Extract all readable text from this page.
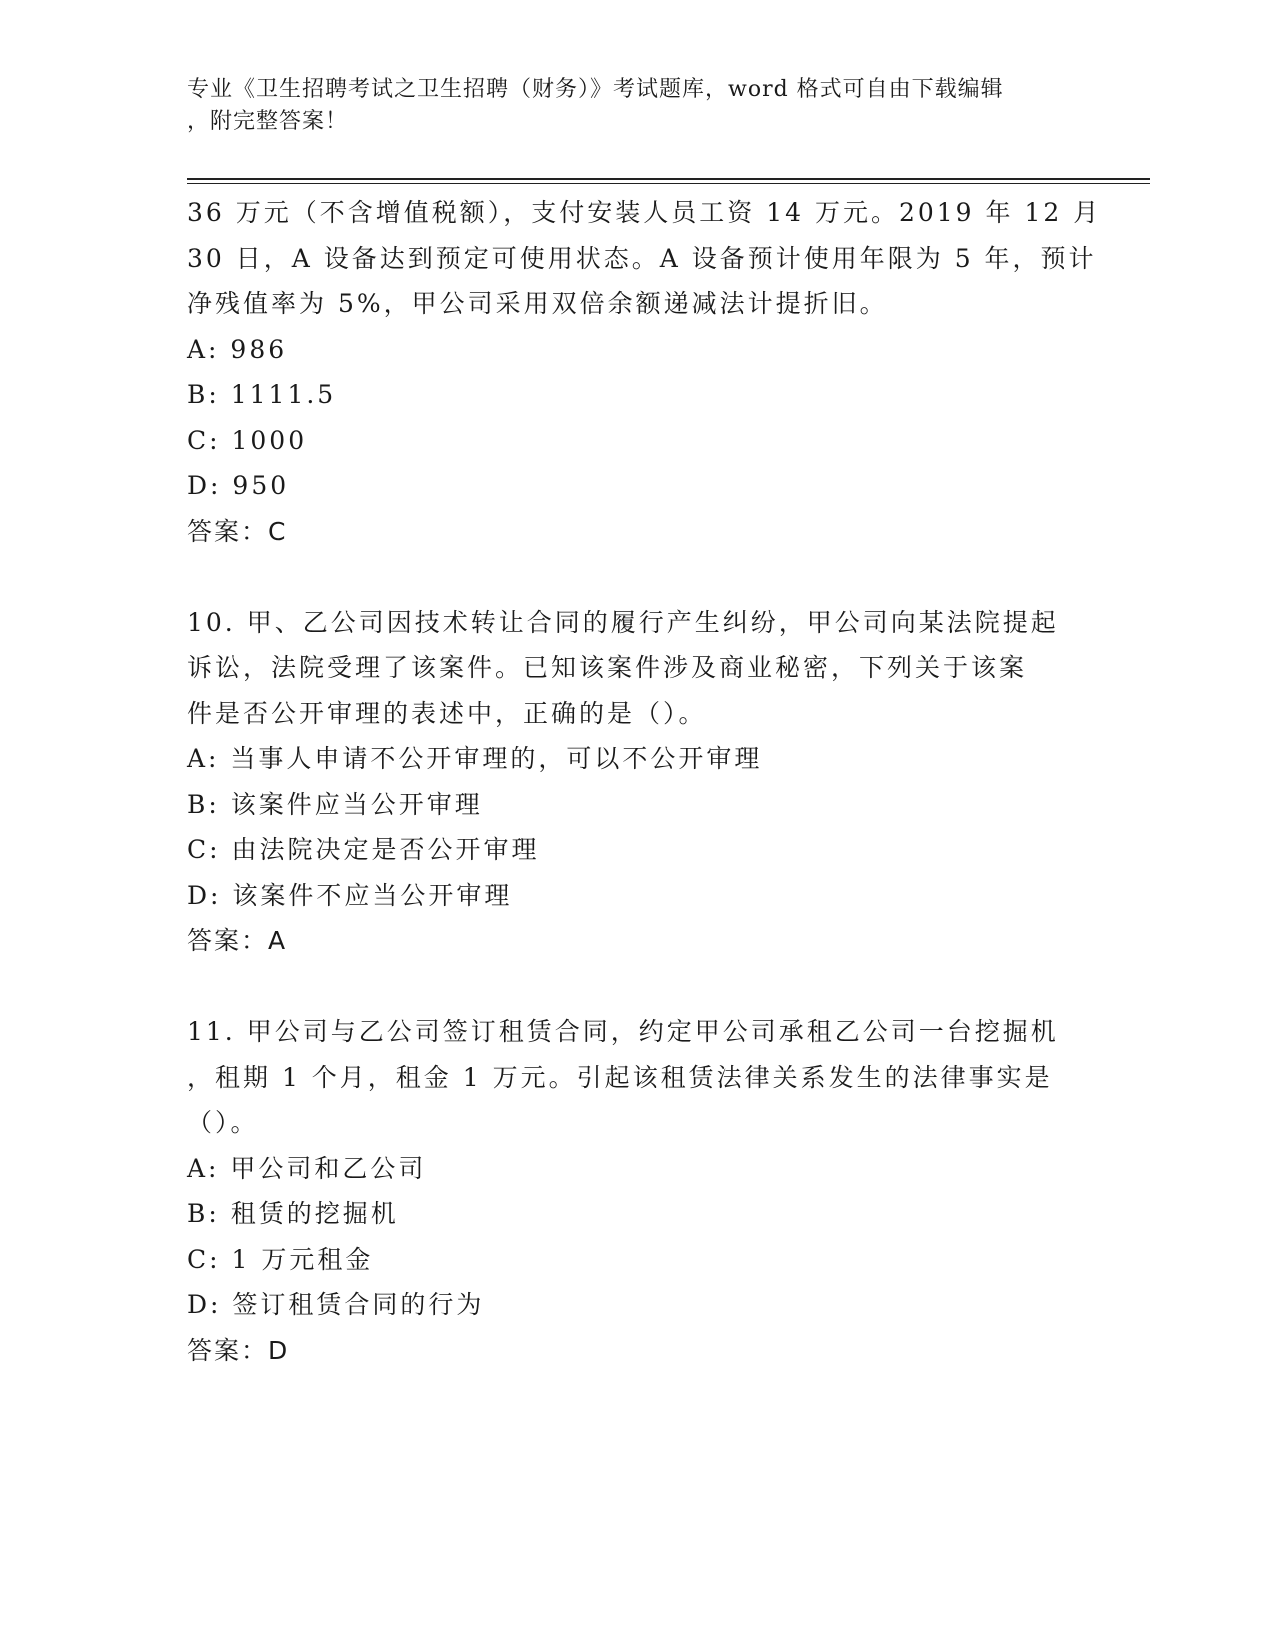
专业《卫生招聘考试之卫生招聘（财务）》考试题库，word 格式可自由下载编辑
，附完整答案！
36 万元（不含增值税额），支付安装人员工资 14 万元。2019 年 12 月
30 日，A 设备达到预定可使用状态。A 设备预计使用年限为 5 年，预计
净残值率为 5%，甲公司采用双倍余额递减法计提折旧。
A: 986
B: 1111.5
C: 1000
D: 950
答案：C
10. 甲、乙公司因技术转让合同的履行产生纠纷，甲公司向某法院提起
诉讼，法院受理了该案件。已知该案件涉及商业秘密，下列关于该案
件是否公开审理的表述中，正确的是（）。
A: 当事人申请不公开审理的，可以不公开审理
B: 该案件应当公开审理
C: 由法院决定是否公开审理
D: 该案件不应当公开审理
答案：A
11. 甲公司与乙公司签订租赁合同，约定甲公司承租乙公司一台挖掘机
，租期 1 个月，租金 1 万元。引起该租赁法律关系发生的法律事实是
（）。
A: 甲公司和乙公司
B: 租赁的挖掘机
C: 1 万元租金
D: 签订租赁合同的行为
答案：D
